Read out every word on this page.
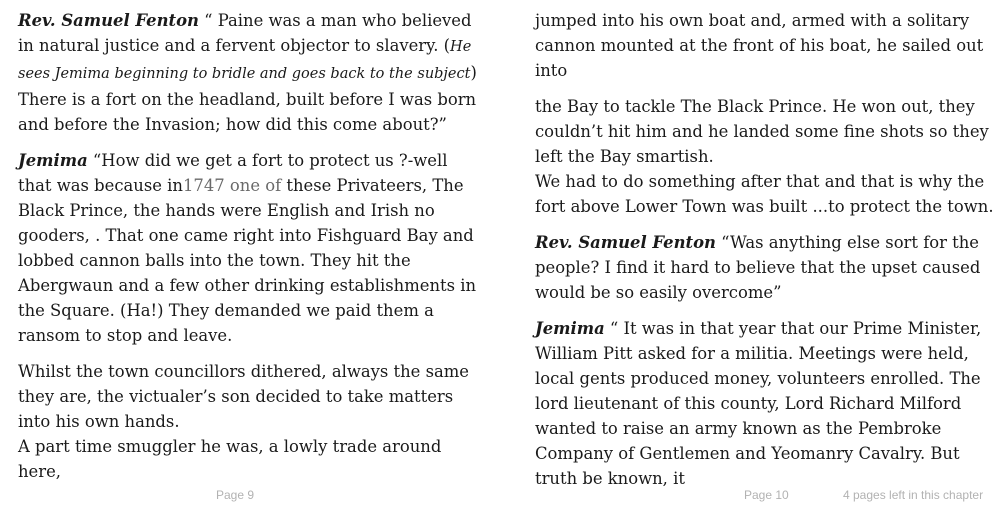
Rev. Samuel Fenton “ Paine was a man who believed in natural justice and a fervent objector to slavery. (He sees Jemima beginning to bridle and goes back to the subject) There is a fort on the headland, built before I was born and before the Invasion; how did this come about?”

Jemima “How did we get a fort to protect us ?-well that was because in1747 one of these Privateers, The Black Prince, the hands were English and Irish no gooders, . That one came right into Fishguard Bay and lobbed cannon balls into the town. They hit the Abergwaun and a few other drinking establishments in the Square. (Ha!) They demanded we paid them a ransom to stop and leave.

Whilst the town councillors dithered, always the same they are, the victualer’s son decided to take matters into his own hands.

A part time smuggler he was, a lowly trade around here,

jumped into his own boat and, armed with a solitary cannon mounted at the front of his boat, he sailed out into

the Bay to tackle The Black Prince. He won out, they couldn’t hit him and he landed some fine shots so they left the Bay smartish.

We had to do something after that and that is why the fort above Lower Town was built ...to protect the town.

Rev. Samuel Fenton “Was anything else sort for the people? I find it hard to believe that the upset caused would be so easily overcome”

Jemima “ It was in that year that our Prime Minister, William Pitt asked for a militia. Meetings were held, local gents produced money, volunteers enrolled. The lord lieutenant of this county, Lord Richard Milford wanted to raise an army known as the Pembroke Company of Gentlemen and Yeomanry Cavalry. But truth be known, it

Page 9	Page 10	4 pages left in this chapter
